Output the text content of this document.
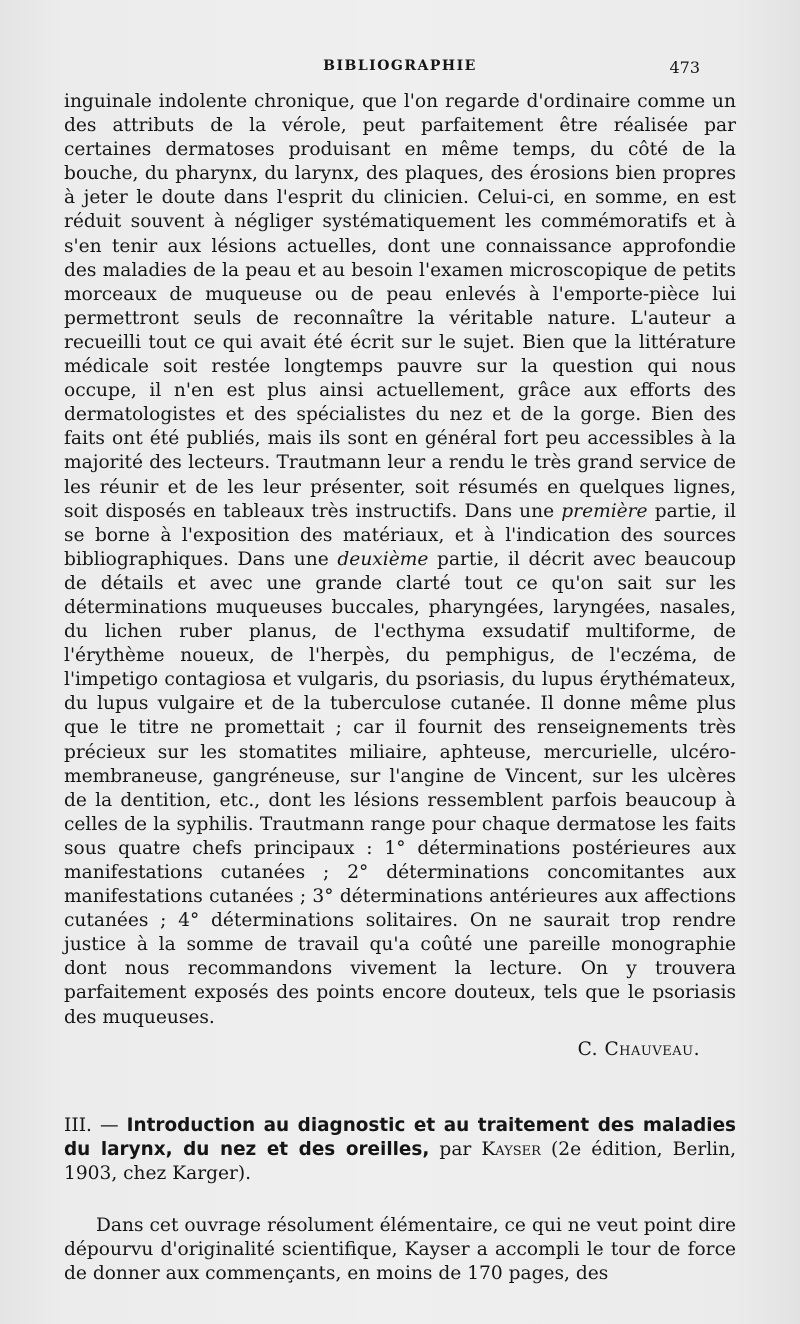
BIBLIOGRAPHIE	473

inguinale indolente chronique, que l'on regarde d'ordinaire comme un des attributs de la vérole, peut parfaitement être réalisée par certaines dermatoses produisant en même temps, du côté de la bouche, du pharynx, du larynx, des plaques, des érosions bien propres à jeter le doute dans l'esprit du clinicien. Celui-ci, en somme, en est réduit souvent à négliger systématiquement les commémoratifs et à s'en tenir aux lésions actuelles, dont une connaissance approfondie des maladies de la peau et au besoin l'examen microscopique de petits morceaux de muqueuse ou de peau enlevés à l'emporte-pièce lui permettront seuls de reconnaître la véritable nature. L'auteur a recueilli tout ce qui avait été écrit sur le sujet. Bien que la littérature médicale soit restée longtemps pauvre sur la question qui nous occupe, il n'en est plus ainsi actuellement, grâce aux efforts des dermatologistes et des spécialistes du nez et de la gorge. Bien des faits ont été publiés, mais ils sont en général fort peu accessibles à la majorité des lecteurs. Trautmann leur a rendu le très grand service de les réunir et de les leur présenter, soit résumés en quelques lignes, soit disposés en tableaux très instructifs. Dans une première partie, il se borne à l'exposition des matériaux, et à l'indication des sources bibliographiques. Dans une deuxième partie, il décrit avec beaucoup de détails et avec une grande clarté tout ce qu'on sait sur les déterminations muqueuses buccales, pharyngées, laryngées, nasales, du lichen ruber planus, de l'ecthyma exsudatif multiforme, de l'érythème noueux, de l'herpès, du pemphigus, de l'eczéma, de l'impetigo contagiosa et vulgaris, du psoriasis, du lupus érythémateux, du lupus vulgaire et de la tuberculose cutanée. Il donne même plus que le titre ne promettait ; car il fournit des renseignements très précieux sur les stomatites miliaire, aphteuse, mercurielle, ulcéro-membraneuse, gangréneuse, sur l'angine de Vincent, sur les ulcères de la dentition, etc., dont les lésions ressemblent parfois beaucoup à celles de la syphilis. Trautmann range pour chaque dermatose les faits sous quatre chefs principaux : 1° déterminations postérieures aux manifestations cutanées ; 2° déterminations concomitantes aux manifestations cutanées ; 3° déterminations antérieures aux affections cutanées ; 4° déterminations solitaires. On ne saurait trop rendre justice à la somme de travail qu'a coûté une pareille monographie dont nous recommandons vivement la lecture. On y trouvera parfaitement exposés des points encore douteux, tels que le psoriasis des muqueuses.

C. Chauveau.
III. — Introduction au diagnostic et au traitement des maladies du larynx, du nez et des oreilles, par Kayser (2e édition, Berlin, 1903, chez Karger).

Dans cet ouvrage résolument élémentaire, ce qui ne veut point dire dépourvu d'originalité scientifique, Kayser a accompli le tour de force de donner aux commençants, en moins de 170 pages, des
